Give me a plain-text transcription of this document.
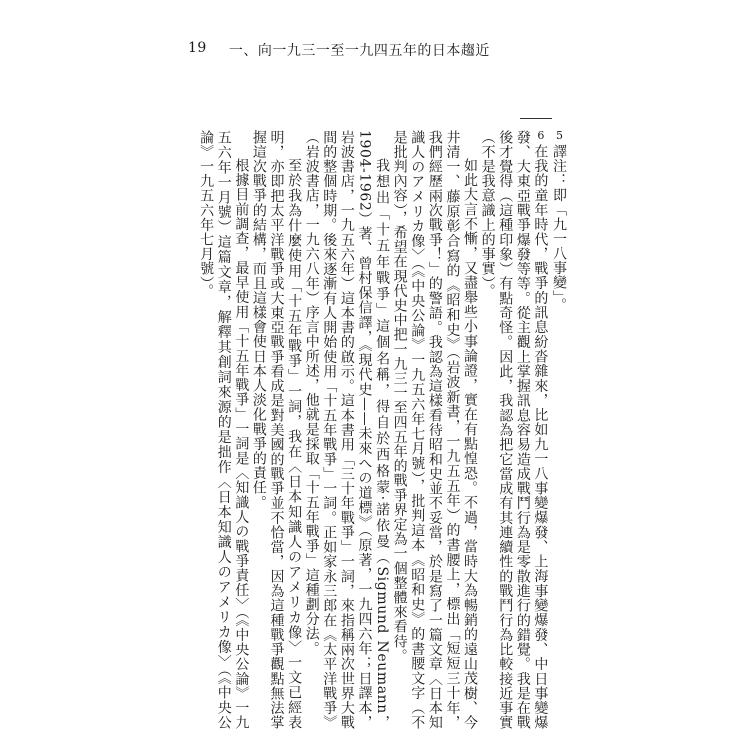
19 一、向一九三一至一九四五年的日本趨近

5譯注：即「九一八事變」。

6在我的童年時代，戰爭的訊息紛沓雜來，比如九一八事變爆發、上海事變爆發、中日事變爆發、大東亞戰爭爆發等等。從主觀上掌握訊息容易造成戰鬥行為是零散進行的錯覺。我是在戰後才覺得（這種印象）有點奇怪。因此，我認為把它當成有其連續性的戰鬥行為比較接近事實（不是我意識上的事實）。

如此大言不慚，又盡舉些小事論證，實在有點惶恐。不過，當時大為暢銷的遠山茂樹、今井清一、藤原彰合寫的《昭和史》（岩波新書，一九五五年）的書腰上，標出「短短三十年，我們經歷兩次戰爭！」的警語。我認為這樣看待昭和史並不妥當，於是寫了一篇文章〈日本知識人のアメリカ像〉（《中央公論》一九五六年七月號），批判這本《昭和史》的書腰文字（不是批判內容），希望在現代史中把一九三一至四五年的戰爭界定為一個整體來看待。

我想出「十五年戰爭」這個名稱，得自於西格蒙‧諾依曼（Sigmund Neumann，1904-1962）著、曾村保信譯，《現代史——未來への道標》（原著，一九四六年；日譯本，岩波書店，一九五六年）這本書的啟示。這本書用「三十年戰爭」一詞，來指稱兩次世界大戰間的整個時期。後來逐漸有人開始使用「十五年戰爭」一詞。正如家永三郎在《太平洋戰爭》（岩波書店，一九六八年）序言中所述，他就是採取「十五年戰爭」這種劃分法。

至於我為什麼使用「十五年戰爭」一詞，我在〈日本知識人のアメリカ像〉一文已經表明，亦即把太平洋戰爭或大東亞戰爭看成是對美國的戰爭並不恰當，因為這種戰爭觀點無法掌握這次戰爭的結構，而且這樣會使日本人淡化戰爭的責任。

根據目前調查，最早使用「十五年戰爭」一詞是〈知識人の戰爭責任〉（《中央公論》一九五六年一月號）這篇文章，解釋其創詞來源的是拙作〈日本知識人のアメリカ像〉（《中央公論》一九五六年七月號）。
